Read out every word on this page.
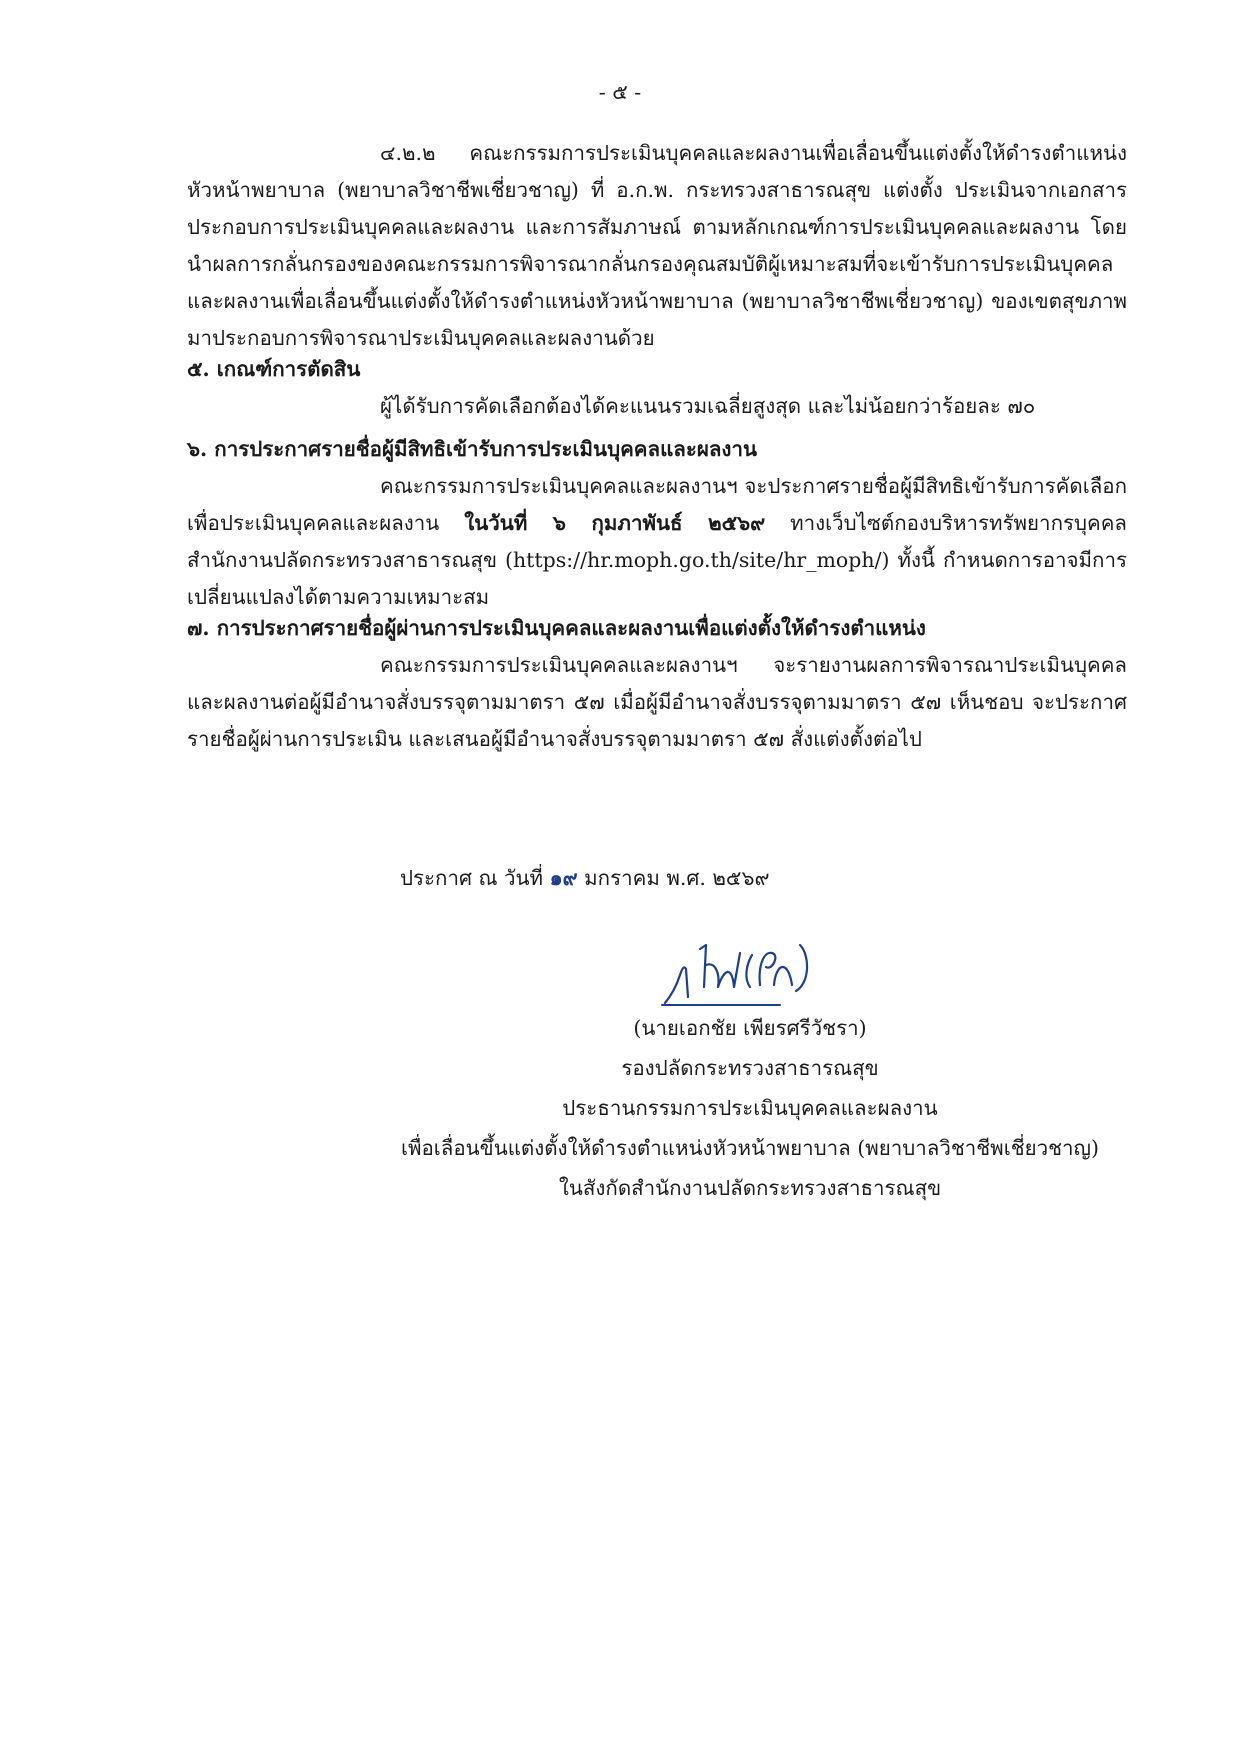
- ๕ -

๔.๒.๒ คณะกรรมการประเมินบุคคลและผลงานเพื่อเลื่อนขึ้นแต่งตั้งให้ดำรงตำแหน่งหัวหน้าพยาบาล (พยาบาลวิชาชีพเชี่ยวชาญ) ที่ อ.ก.พ. กระทรวงสาธารณสุข แต่งตั้ง ประเมินจากเอกสารประกอบการประเมินบุคคลและผลงาน และการสัมภาษณ์ ตามหลักเกณฑ์การประเมินบุคคลและผลงาน โดยนำผลการกลั่นกรองของคณะกรรมการพิจารณากลั่นกรองคุณสมบัติผู้เหมาะสมที่จะเข้ารับการประเมินบุคคลและผลงานเพื่อเลื่อนขึ้นแต่งตั้งให้ดำรงตำแหน่งหัวหน้าพยาบาล (พยาบาลวิชาชีพเชี่ยวชาญ) ของเขตสุขภาพ มาประกอบการพิจารณาประเมินบุคคลและผลงานด้วย

๕. เกณฑ์การตัดสิน

ผู้ได้รับการคัดเลือกต้องได้คะแนนรวมเฉลี่ยสูงสุด และไม่น้อยกว่าร้อยละ ๗๐

๖. การประกาศรายชื่อผู้มีสิทธิเข้ารับการประเมินบุคคลและผลงาน

คณะกรรมการประเมินบุคคลและผลงานฯ จะประกาศรายชื่อผู้มีสิทธิเข้ารับการคัดเลือกเพื่อประเมินบุคคลและผลงาน ในวันที่ ๖ กุมภาพันธ์ ๒๕๖๙ ทางเว็บไซต์กองบริหารทรัพยากรบุคคล สำนักงานปลัดกระทรวงสาธารณสุข (https://hr.moph.go.th/site/hr_moph/) ทั้งนี้ กำหนดการอาจมีการเปลี่ยนแปลงได้ตามความเหมาะสม

๗. การประกาศรายชื่อผู้ผ่านการประเมินบุคคลและผลงานเพื่อแต่งตั้งให้ดำรงตำแหน่ง

คณะกรรมการประเมินบุคคลและผลงานฯ จะรายงานผลการพิจารณาประเมินบุคคลและผลงานต่อผู้มีอำนาจสั่งบรรจุตามมาตรา ๕๗ เมื่อผู้มีอำนาจสั่งบรรจุตามมาตรา ๕๗ เห็นชอบ จะประกาศรายชื่อผู้ผ่านการประเมิน และเสนอผู้มีอำนาจสั่งบรรจุตามมาตรา ๕๗ สั่งแต่งตั้งต่อไป

ประกาศ ณ วันที่ ๑๙ มกราคม พ.ศ. ๒๕๖๙
(นายเอกชัย เพียรศรีวัชรา)
รองปลัดกระทรวงสาธารณสุข
ประธานกรรมการประเมินบุคคลและผลงาน
เพื่อเลื่อนขึ้นแต่งตั้งให้ดำรงตำแหน่งหัวหน้าพยาบาล (พยาบาลวิชาชีพเชี่ยวชาญ)
ในสังกัดสำนักงานปลัดกระทรวงสาธารณสุข
